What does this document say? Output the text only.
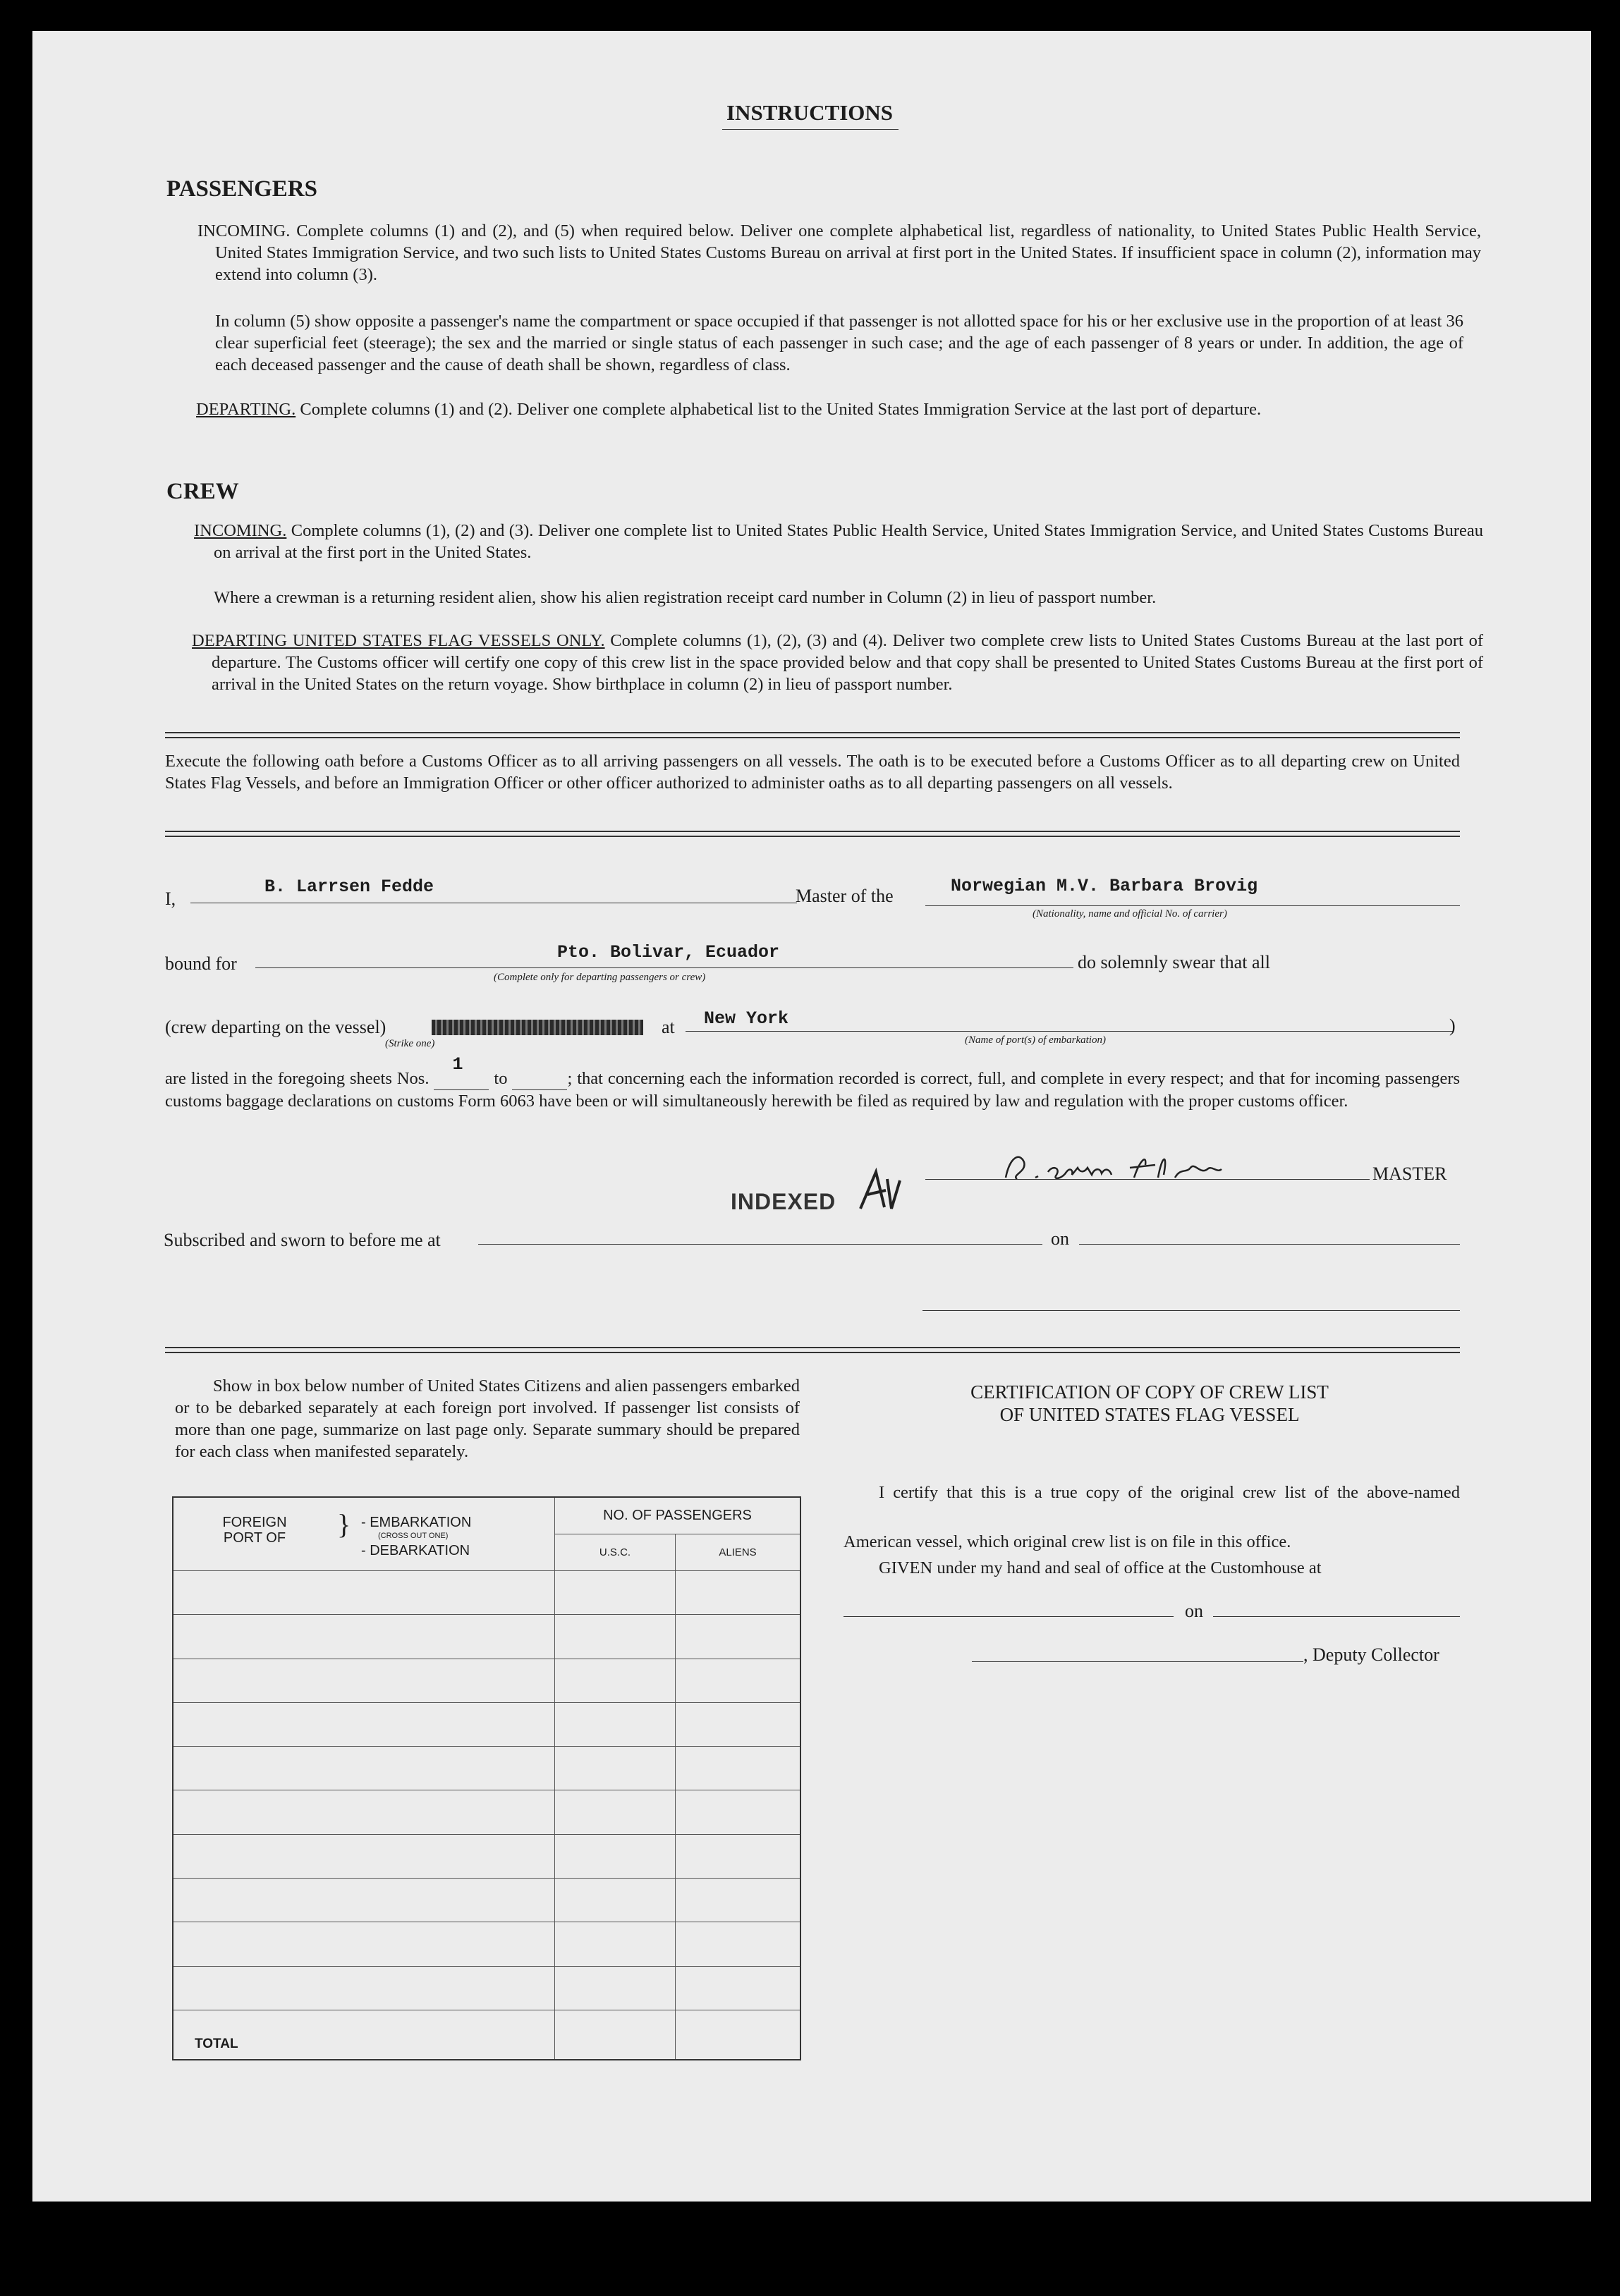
INSTRUCTIONS
PASSENGERS
INCOMING. Complete columns (1) and (2), and (5) when required below. Deliver one complete alphabetical list, regardless of nationality, to United States Public Health Service, United States Immigration Service, and two such lists to United States Customs Bureau on arrival at first port in the United States. If insufficient space in column (2), information may extend into column (3).
In column (5) show opposite a passenger's name the compartment or space occupied if that passenger is not allotted space for his or her exclusive use in the proportion of at least 36 clear superficial feet (steerage); the sex and the married or single status of each passenger in such case; and the age of each passenger of 8 years or under. In addition, the age of each deceased passenger and the cause of death shall be shown, regardless of class.
DEPARTING. Complete columns (1) and (2). Deliver one complete alphabetical list to the United States Immigration Service at the last port of departure.
CREW
INCOMING. Complete columns (1), (2) and (3). Deliver one complete list to United States Public Health Service, United States Immigration Service, and United States Customs Bureau on arrival at the first port in the United States.
Where a crewman is a returning resident alien, show his alien registration receipt card number in Column (2) in lieu of passport number.
DEPARTING UNITED STATES FLAG VESSELS ONLY. Complete columns (1), (2), (3) and (4). Deliver two complete crew lists to United States Customs Bureau at the last port of departure. The Customs officer will certify one copy of this crew list in the space provided below and that copy shall be presented to United States Customs Bureau at the first port of arrival in the United States on the return voyage. Show birthplace in column (2) in lieu of passport number.
Execute the following oath before a Customs Officer as to all arriving passengers on all vessels. The oath is to be executed before a Customs Officer as to all departing crew on United States Flag Vessels, and before an Immigration Officer or other officer authorized to administer oaths as to all departing passengers on all vessels.
I,
B. Larrsen Fedde	Master of the	Norwegian M.V. Barbara Brovig
(Nationality, name and official No. of carrier)
bound for
Pto. Bolivar, Ecuador
(Complete only for departing passengers or crew)
do solemnly swear that all
(crew departing on the vessel)
(Strike one)
at New York
(Name of port(s) of embarkation)
)
are listed in the foregoing sheets Nos.
1
to	; that concerning each the information recorded is correct, full, and complete in every respect; and that for incoming passengers customs baggage declarations on customs Form 6063 have been or will simultaneously herewith be filed as required by law and regulation with the proper customs officer.
INDEXED
MASTER
Subscribed and sworn to before me at	on
Show in box below number of United States Citizens and alien passengers embarked or to be debarked separately at each foreign port involved. If passenger list consists of more than one page, summarize on last page only. Separate summary should be prepared for each class when manifested separately.
FOREIGN PORT OF } - EMBARKATION
(CROSS OUT ONE)
- DEBARKATION	NO. OF PASSENGERS	
	U.S.C.	ALIENS

TOTAL		
CERTIFICATION OF COPY OF CREW LIST
OF UNITED STATES FLAG VESSEL
I certify that this is a true copy of the original crew list of the above-named American vessel, which original crew list is on file in this office.
GIVEN under my hand and seal of office at the Customhouse at
on
, Deputy Collector
